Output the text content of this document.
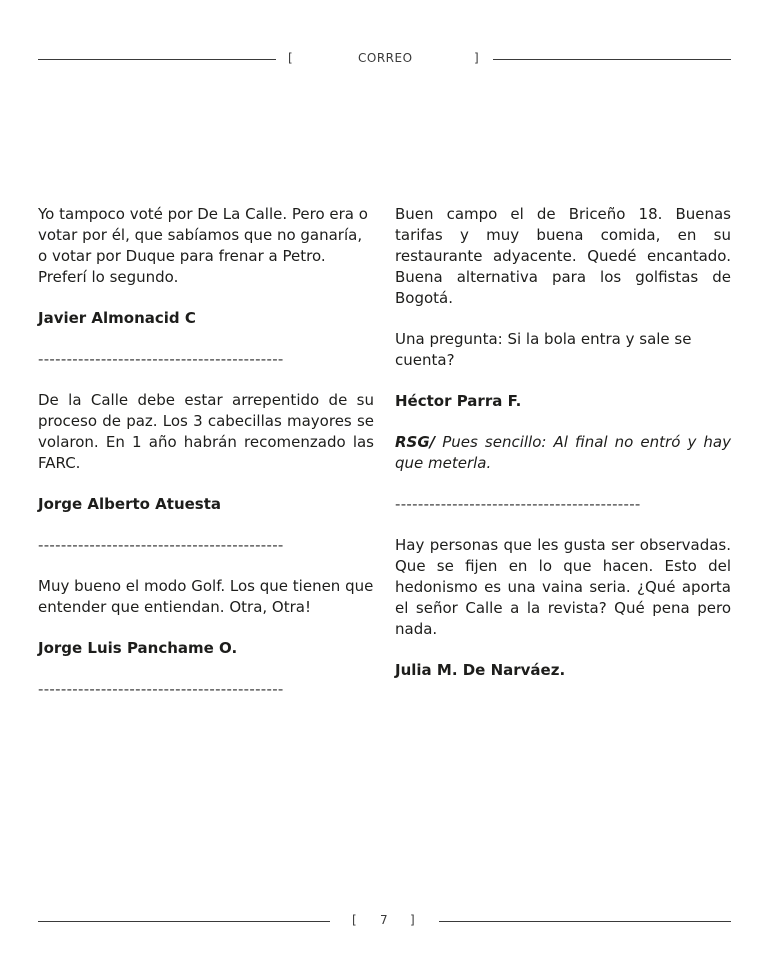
[	CORREO	]

Yo tampoco voté por De La Calle. Pero era o votar por él, que sabíamos que no ganaría, o votar por Duque para frenar a Petro. Preferí lo segundo.

Javier Almonacid C

-------------------------------------------

De la Calle debe estar arrepentido de su proceso de paz. Los 3 cabecillas mayores se volaron. En 1 año habrán recomenzado las FARC.

Jorge Alberto Atuesta

-------------------------------------------

Muy bueno el modo Golf. Los que tienen que entender que entiendan. Otra, Otra!

Jorge Luis Panchame O.

-------------------------------------------

Buen campo el de Briceño 18. Buenas tarifas y muy buena comida, en su restaurante adyacente. Quedé encantado. Buena alternativa para los golfistas de Bogotá.

Una pregunta: Si la bola entra y sale se cuenta?

Héctor Parra F.

RSG/ Pues sencillo: Al final no entró y hay que meterla.

-------------------------------------------

Hay personas que les gusta ser observadas. Que se fijen en lo que hacen. Esto del hedonismo es una vaina seria. ¿Qué aporta el señor Calle a la revista? Qué pena pero nada.

Julia M. De Narváez.

[ 7 ]
